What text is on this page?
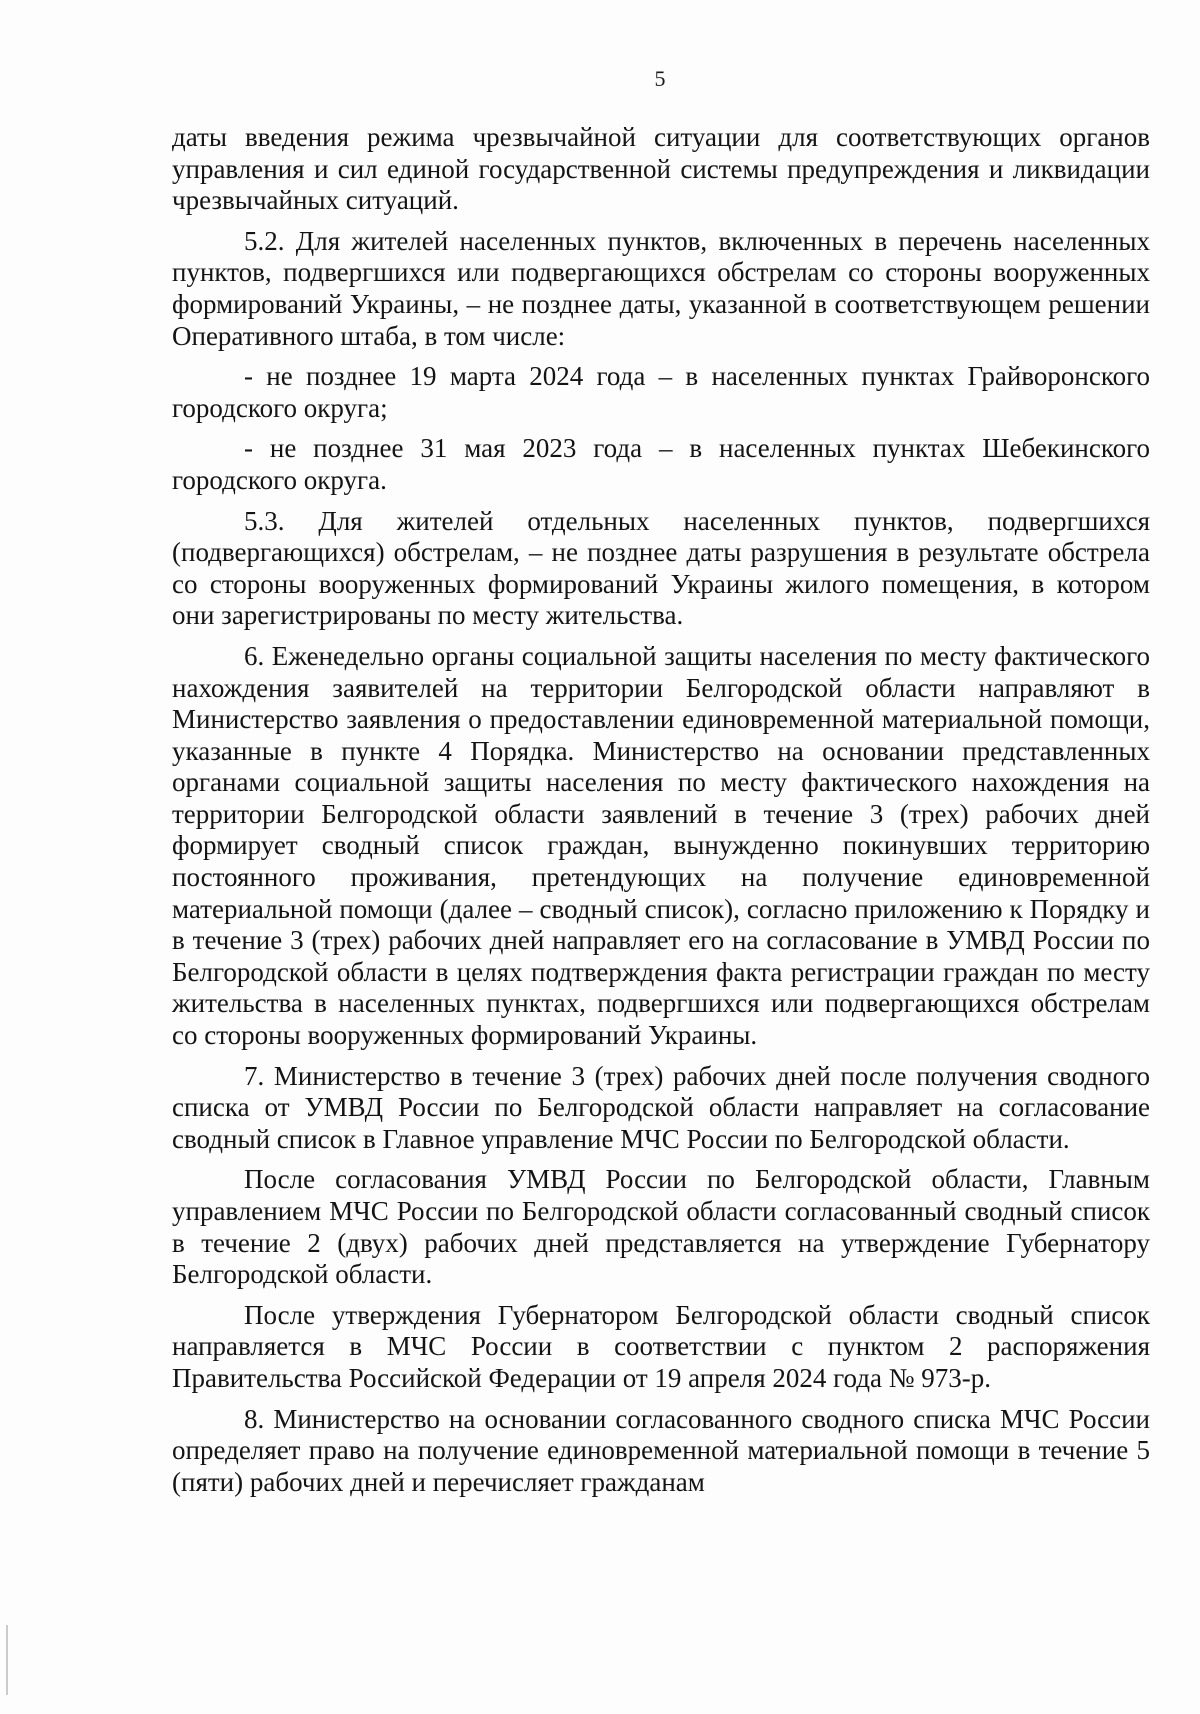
5

даты введения режима чрезвычайной ситуации для соответствующих органов управления и сил единой государственной системы предупреждения и ликвидации чрезвычайных ситуаций.

5.2. Для жителей населенных пунктов, включенных в перечень населенных пунктов, подвергшихся или подвергающихся обстрелам со стороны вооруженных формирований Украины, – не позднее даты, указанной в соответствующем решении Оперативного штаба, в том числе:

- не позднее 19 марта 2024 года – в населенных пунктах Грайворонского городского округа;

- не позднее 31 мая 2023 года – в населенных пунктах Шебекинского городского округа.

5.3. Для жителей отдельных населенных пунктов, подвергшихся (подвергающихся) обстрелам, – не позднее даты разрушения в результате обстрела со стороны вооруженных формирований Украины жилого помещения, в котором они зарегистрированы по месту жительства.

6. Еженедельно органы социальной защиты населения по месту фактического нахождения заявителей на территории Белгородской области направляют в Министерство заявления о предоставлении единовременной материальной помощи, указанные в пункте 4 Порядка. Министерство на основании представленных органами социальной защиты населения по месту фактического нахождения на территории Белгородской области заявлений в течение 3 (трех) рабочих дней формирует сводный список граждан, вынужденно покинувших территорию постоянного проживания, претендующих на получение единовременной материальной помощи (далее – сводный список), согласно приложению к Порядку и в течение 3 (трех) рабочих дней направляет его на согласование в УМВД России по Белгородской области в целях подтверждения факта регистрации граждан по месту жительства в населенных пунктах, подвергшихся или подвергающихся обстрелам со стороны вооруженных формирований Украины.

7. Министерство в течение 3 (трех) рабочих дней после получения сводного списка от УМВД России по Белгородской области направляет на согласование сводный список в Главное управление МЧС России по Белгородской области.

После согласования УМВД России по Белгородской области, Главным управлением МЧС России по Белгородской области согласованный сводный список в течение 2 (двух) рабочих дней представляется на утверждение Губернатору Белгородской области.

После утверждения Губернатором Белгородской области сводный список направляется в МЧС России в соответствии с пунктом 2 распоряжения Правительства Российской Федерации от 19 апреля 2024 года № 973-р.

8. Министерство на основании согласованного сводного списка МЧС России определяет право на получение единовременной материальной помощи в течение 5 (пяти) рабочих дней и перечисляет гражданам
